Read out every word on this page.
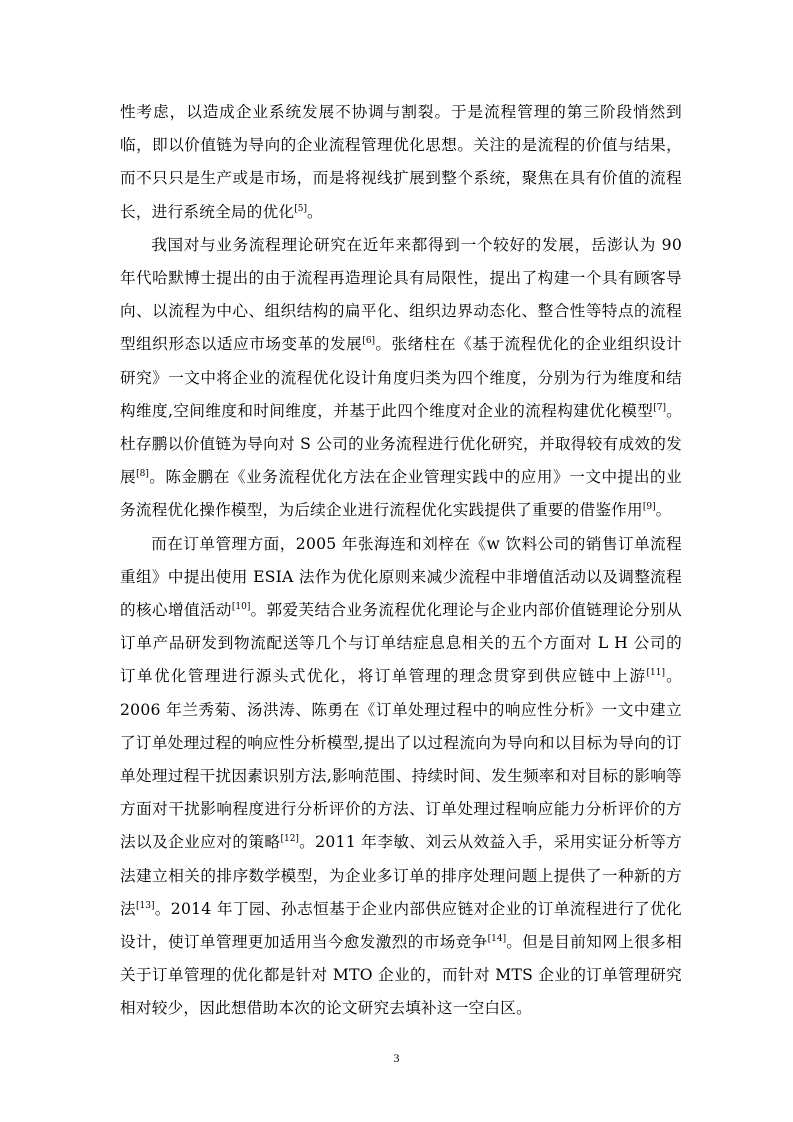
性考虑，以造成企业系统发展不协调与割裂。于是流程管理的第三阶段悄然到临，即以价值链为导向的企业流程管理优化思想。关注的是流程的价值与结果，而不只只是生产或是市场，而是将视线扩展到整个系统，聚焦在具有价值的流程长，进行系统全局的优化[5]。

我国对与业务流程理论研究在近年来都得到一个较好的发展，岳澎认为 90 年代哈默博士提出的由于流程再造理论具有局限性，提出了构建一个具有顾客导向、以流程为中心、组织结构的扁平化、组织边界动态化、整合性等特点的流程型组织形态以适应市场变革的发展[6]。张绪柱在《基于流程优化的企业组织设计研究》一文中将企业的流程优化设计角度归类为四个维度，分别为行为维度和结构维度,空间维度和时间维度，并基于此四个维度对企业的流程构建优化模型[7]。杜存鹏以价值链为导向对 S 公司的业务流程进行优化研究，并取得较有成效的发展[8]。陈金鹏在《业务流程优化方法在企业管理实践中的应用》一文中提出的业务流程优化操作模型，为后续企业进行流程优化实践提供了重要的借鉴作用[9]。

而在订单管理方面，2005 年张海连和刘梓在《w 饮料公司的销售订单流程重组》中提出使用 ESIA 法作为优化原则来减少流程中非增值活动以及调整流程的核心增值活动[10]。郭爱芙结合业务流程优化理论与企业内部价值链理论分别从订单产品研发到物流配送等几个与订单结症息息相关的五个方面对 L H 公司的订单优化管理进行源头式优化，将订单管理的理念贯穿到供应链中上游[11]。2006 年兰秀菊、汤洪涛、陈勇在《订单处理过程中的响应性分析》一文中建立了订单处理过程的响应性分析模型,提出了以过程流向为导向和以目标为导向的订单处理过程干扰因素识别方法,影响范围、持续时间、发生频率和对目标的影响等方面对干扰影响程度进行分析评价的方法、订单处理过程响应能力分析评价的方法以及企业应对的策略[12]。2011 年李敏、刘云从效益入手，采用实证分析等方法建立相关的排序数学模型，为企业多订单的排序处理问题上提供了一种新的方法[13]。2014 年丁园、孙志恒基于企业内部供应链对企业的订单流程进行了优化设计，使订单管理更加适用当今愈发激烈的市场竞争[14]。但是目前知网上很多相关于订单管理的优化都是针对 MTO 企业的，而针对 MTS 企业的订单管理研究相对较少，因此想借助本次的论文研究去填补这一空白区。

3
